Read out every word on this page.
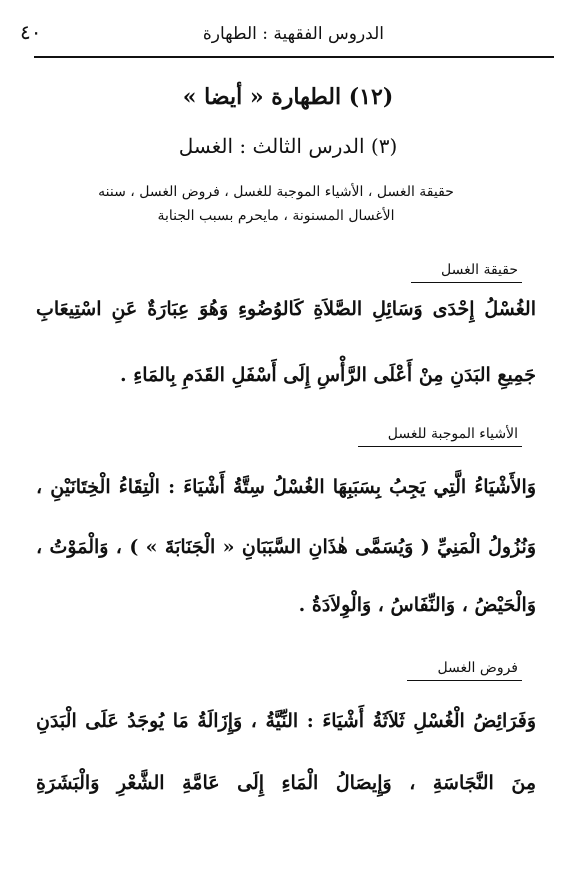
الدروس الفقهية : الطهارة
٤٠
(١٢) الطهارة « أيضا »
(٣) الدرس الثالث : الغسل
حقيقة الغسل ، الأشياء الموجبة للغسل ، فروض الغسل ، سننه
الأغسال المسنونة ، مايحرم بسبب الجنابة
حقيقة الغسل
الغُسْلُ إِحْدَى وَسَائِلِ الصَّلاَةِ كَالوُضُوءِ وَهُوَ عِبَارَةٌ عَنِ اسْتِيعَابِ
جَمِيعِ البَدَنِ مِنْ أَعْلَى الرَّأْسِ إِلَى أَسْفَلِ القَدَمِ بِالمَاءِ .
الأشياء الموجبة للغسل
وَالأَشْيَاءُ الَّتِي يَجِبُ بِسَبَبِهَا الغُسْلُ سِتَّةُ أَشْيَاءَ : الْتِقَاءُ الْخِتَانَيْنِ ،
وَنُزُولُ الْمَنِيِّ ( وَيُسَمَّى هٰذَانِ السَّبَبَانِ « الْجَنَابَةَ » ) ، وَالْمَوْتُ ،
وَالْحَيْضُ ، وَالنِّفَاسُ ، وَالْوِلاَدَةُ .
فروض الغسل
وَفَرَائِضُ الْغُسْلِ ثَلاَثَةُ أَشْيَاءَ : النِّيَّةُ ، وَإِزَالَةُ مَا يُوجَدُ عَلَى الْبَدَنِ
مِنَ النَّجَاسَةِ ، وَإِيصَالُ الْمَاءِ إِلَى عَامَّةِ الشَّعْرِ وَالْبَشَرَةِ
